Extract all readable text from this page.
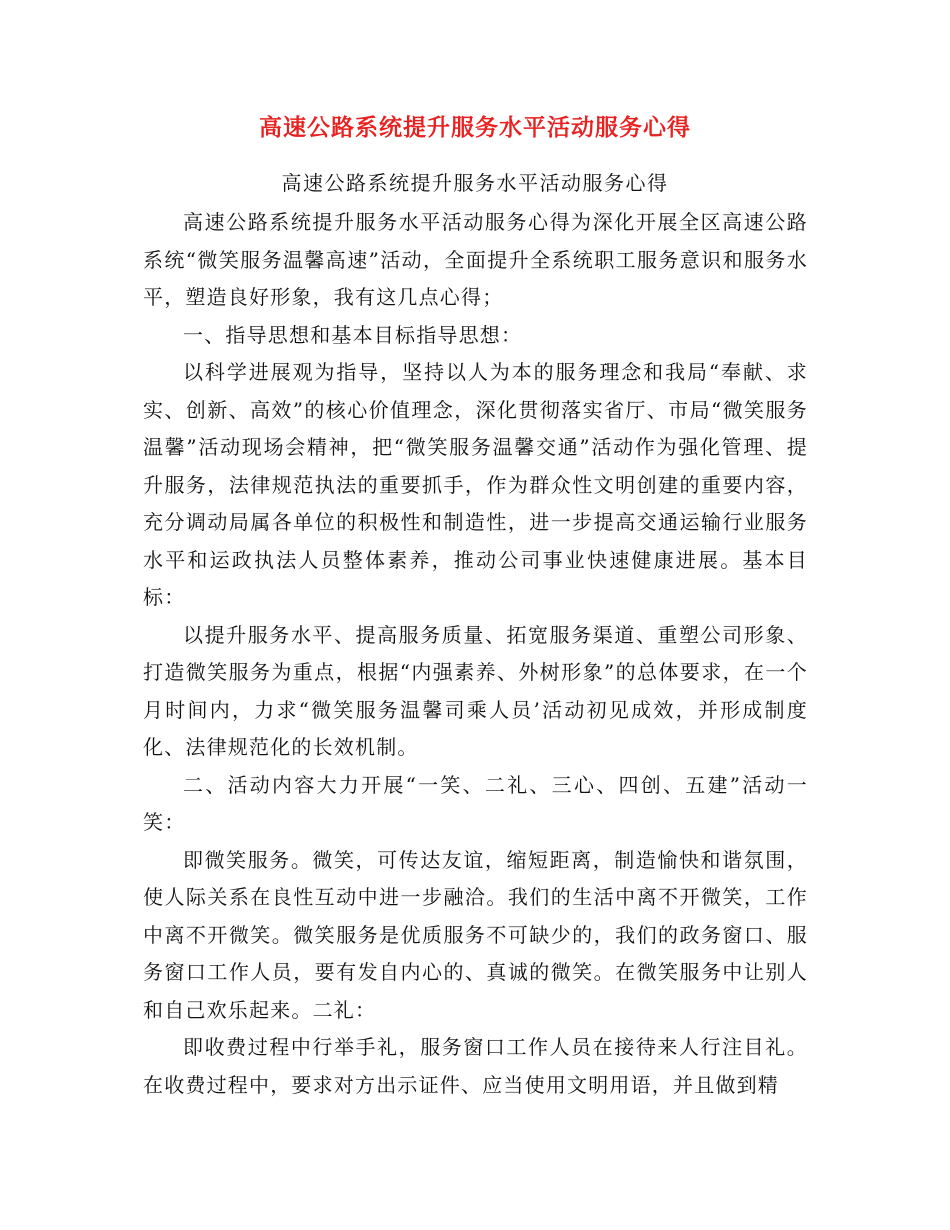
高速公路系统提升服务水平活动服务心得
高速公路系统提升服务水平活动服务心得

高速公路系统提升服务水平活动服务心得为深化开展全区高速公路系统“微笑服务温馨高速”活动，全面提升全系统职工服务意识和服务水平，塑造良好形象，我有这几点心得；

一、指导思想和基本目标指导思想：

以科学进展观为指导，坚持以人为本的服务理念和我局“奉献、求实、创新、高效”的核心价值理念，深化贯彻落实省厅、市局“微笑服务温馨”活动现场会精神，把“微笑服务温馨交通”活动作为强化管理、提升服务，法律规范执法的重要抓手，作为群众性文明创建的重要内容，充分调动局属各单位的积极性和制造性，进一步提高交通运输行业服务水平和运政执法人员整体素养，推动公司事业快速健康进展。基本目标：

以提升服务水平、提高服务质量、拓宽服务渠道、重塑公司形象、打造微笑服务为重点，根据“内强素养、外树形象”的总体要求，在一个月时间内，力求“微笑服务温馨司乘人员’活动初见成效，并形成制度化、法律规范化的长效机制。

二、活动内容大力开展“一笑、二礼、三心、四创、五建”活动一笑：

即微笑服务。微笑，可传达友谊，缩短距离，制造愉快和谐氛围，使人际关系在良性互动中进一步融洽。我们的生活中离不开微笑，工作中离不开微笑。微笑服务是优质服务不可缺少的，我们的政务窗口、服务窗口工作人员，要有发自内心的、真诚的微笑。在微笑服务中让别人和自己欢乐起来。二礼：

即收费过程中行举手礼，服务窗口工作人员在接待来人行注目礼。在收费过程中，要求对方出示证件、应当使用文明用语，并且做到精
